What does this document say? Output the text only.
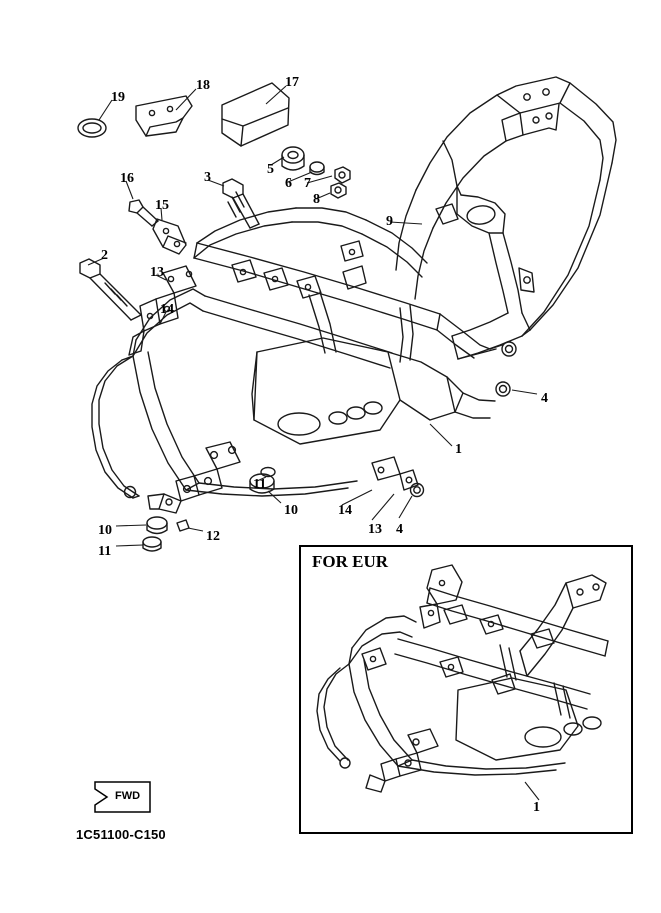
FWD
FOR EUR
1C51100-C150
19
18	17
5
6 7
8
16	3
15
9
2
13
14
4
1
11
10	14
13 4
10	12
11
1
